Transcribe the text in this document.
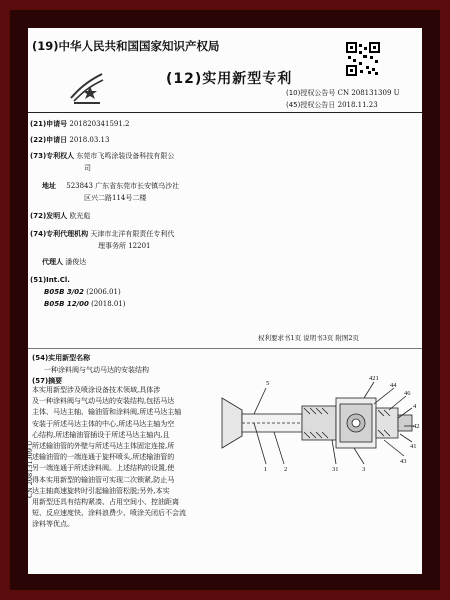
(19)中华人民共和国国家知识产权局
(12)实用新型专利
(10)授权公告号 CN 208131309 U
(45)授权公告日 2018.11.23
(21)申请号 201820341591.2
(22)申请日 2018.03.13
(73)专利权人 东莞市飞鸣涂装设备科技有限公
司
地址 523843 广东省东莞市长安镇乌沙社
区兴二路114号二楼
(72)发明人 欧光彪
(74)专利代理机构 天津市北洋有限责任专利代
理事务所 12201
代理人 潘俊达
(51)Int.Cl.
B05B 3/02 (2006.01)
B05B 12/00 (2018.01)
权利要求书1页 说明书3页 附图2页
(54)实用新型名称
一种涂料阀与气动马达的安装结构
(57)摘要
本实用新型涉及喷涂设备技术领域,具体涉
及一种涂料阀与气动马达的安装结构,包括马达
主体、马达主轴、输油管和涂料阀,所述马达主轴
安装于所述马达主体的中心,所述马达主轴为空
心结构,所述输油管插设于所述马达主轴内,且
所述输油管的外壁与所述马达主体固定连接,所
述输油管的一端连通于旋杯喷头,所述输油管的
另一端连通于所述涂料阀。上述结构的设置,使
得本实用新型的输油管可实现二次锁紧,防止马
达主轴高速旋转时引起输油管松脱;另外,本实
用新型还具有结构紧凑、占用空间小、控油距离
短、反应速度快、涂料浪费少、喷涂关闭后不会流
涂料等优点。
421
44
46
4
42
41
43
3
31
2
1
5
CN 208131309 U
